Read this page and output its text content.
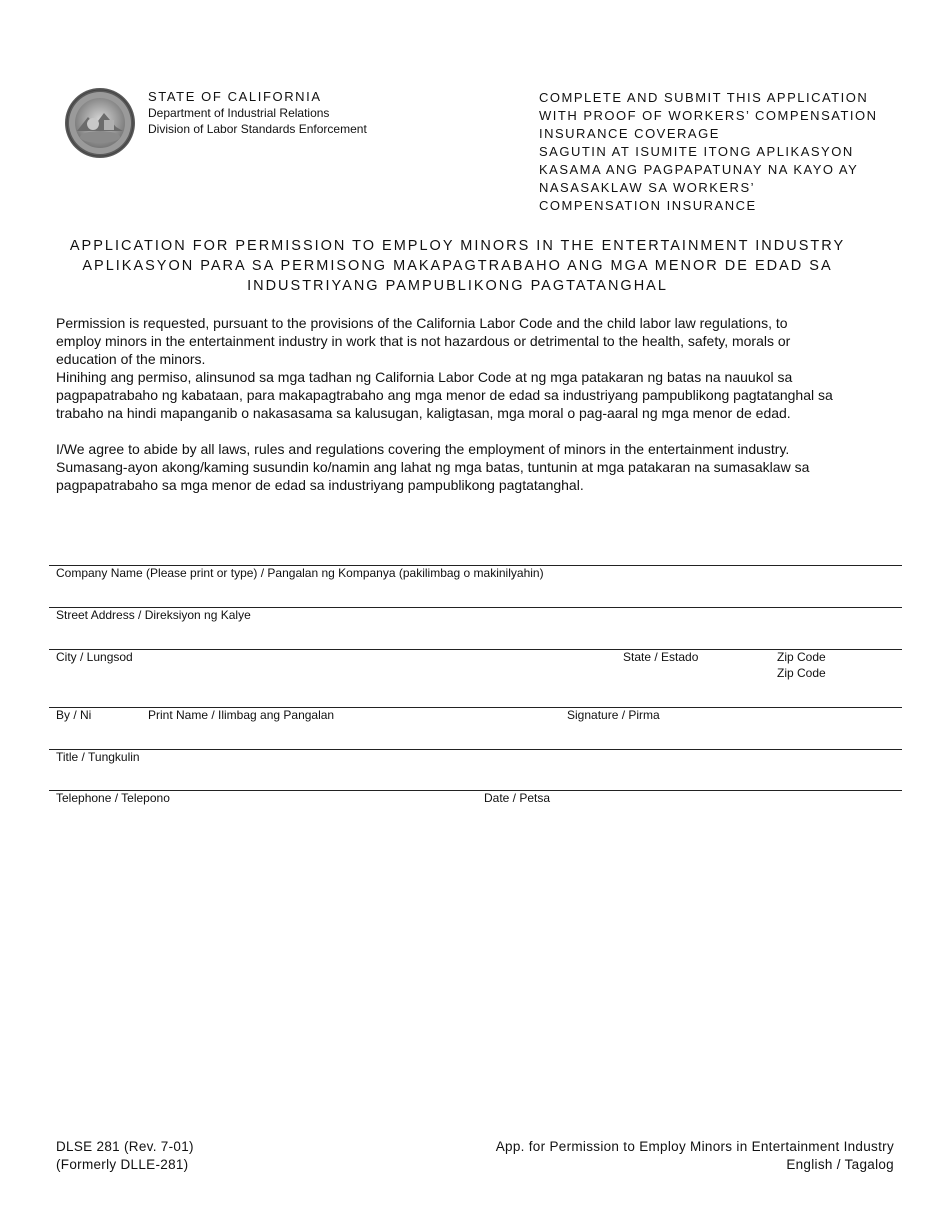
STATE OF CALIFORNIA
Department of Industrial Relations
Division of Labor Standards Enforcement
COMPLETE AND SUBMIT THIS APPLICATION
WITH PROOF OF WORKERS’ COMPENSATION
INSURANCE COVERAGE
SAGUTIN AT ISUMITE ITONG APLIKASYON
KASAMA ANG PAGPAPATUNAY NA KAYO AY
NASASAKLAW SA WORKERS’
COMPENSATION INSURANCE
APPLICATION FOR PERMISSION TO EMPLOY MINORS IN THE ENTERTAINMENT INDUSTRY
APLIKASYON PARA SA PERMISONG MAKAPAGTRABAHO ANG MGA MENOR DE EDAD SA
INDUSTRIYANG PAMPUBLIKONG PAGTATANGHAL

Permission is requested, pursuant to the provisions of the California Labor Code and the child labor law regulations, to

employ minors in the entertainment industry in work that is not hazardous or detrimental to the health, safety, morals or

education of the minors.

Hinihing ang permiso, alinsunod sa mga tadhan ng California Labor Code at ng mga patakaran ng batas na nauukol sa

pagpapatrabaho ng kabataan, para makapagtrabaho ang mga menor de edad sa industriyang pampublikong pagtatanghal sa

trabaho na hindi mapanganib o nakasasama sa kalusugan, kaligtasan, mga moral o pag-aaral ng mga menor de edad.

I/We agree to abide by all laws, rules and regulations covering the employment of minors in the entertainment industry.

Sumasang-ayon akong/kaming susundin ko/namin ang lahat ng mga batas, tuntunin at mga patakaran na sumasaklaw sa

pagpapatrabaho sa mga menor de edad sa industriyang pampublikong pagtatanghal.

Company Name (Please print or type) / Pangalan ng Kompanya (pakilimbag o makinilyahin)
Street Address / Direksiyon ng Kalye
City / Lungsod	State / Estado	Zip Code
Zip Code
By / Ni	Print Name / Ilimbag ang Pangalan	Signature / Pirma
Title / Tungkulin
Telephone / Telepono	Date / Petsa
DLSE 281 (Rev. 7-01)
(Formerly DLLE-281)
App. for Permission to Employ Minors in Entertainment Industry
English / Tagalog
